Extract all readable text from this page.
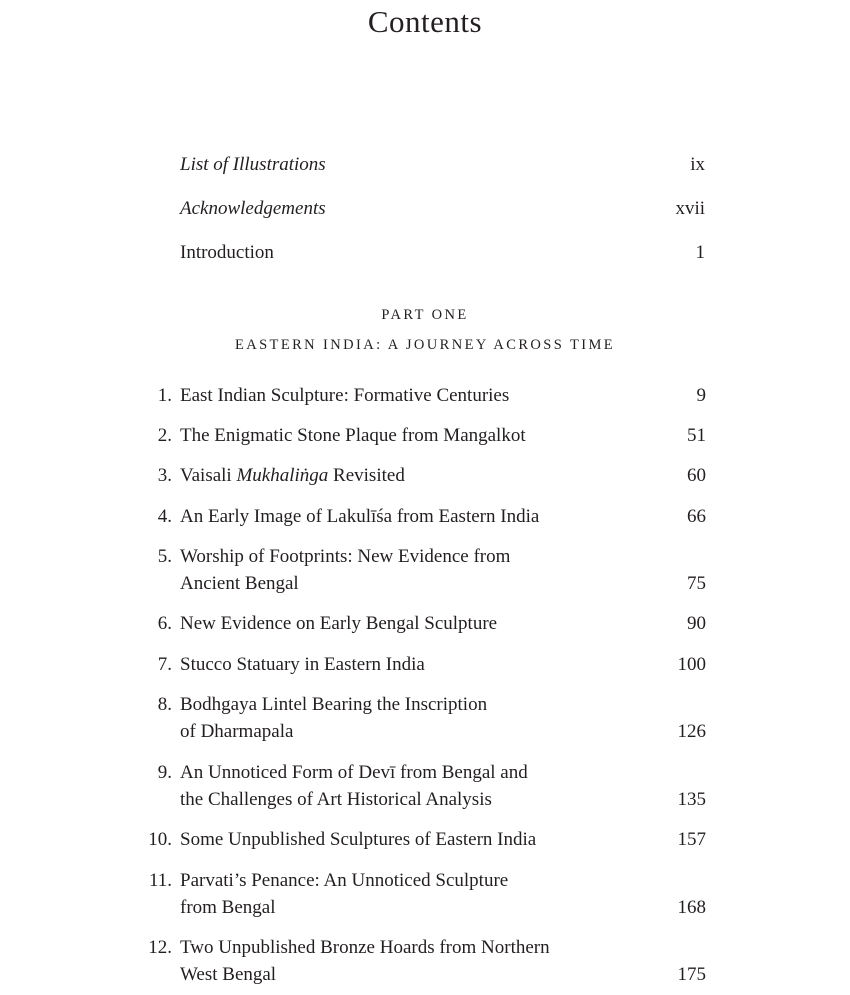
Contents
List of Illustrations	ix
Acknowledgements	xvii
Introduction	1
PART ONE
EASTERN INDIA: A JOURNEY ACROSS TIME
1. East Indian Sculpture: Formative Centuries	9
2. The Enigmatic Stone Plaque from Mangalkot	51
3. Vaisali Mukhaliṅga Revisited	60
4. An Early Image of Lakulīśa from Eastern India	66
5. Worship of Footprints: New Evidence from
Ancient Bengal	75
6. New Evidence on Early Bengal Sculpture	90
7. Stucco Statuary in Eastern India	100
8. Bodhgaya Lintel Bearing the Inscription
of Dharmapala	126
9. An Unnoticed Form of Devī from Bengal and
the Challenges of Art Historical Analysis	135
10. Some Unpublished Sculptures of Eastern India	157
11. Parvati’s Penance: An Unnoticed Sculpture
from Bengal	168
12. Two Unpublished Bronze Hoards from Northern
West Bengal	175
